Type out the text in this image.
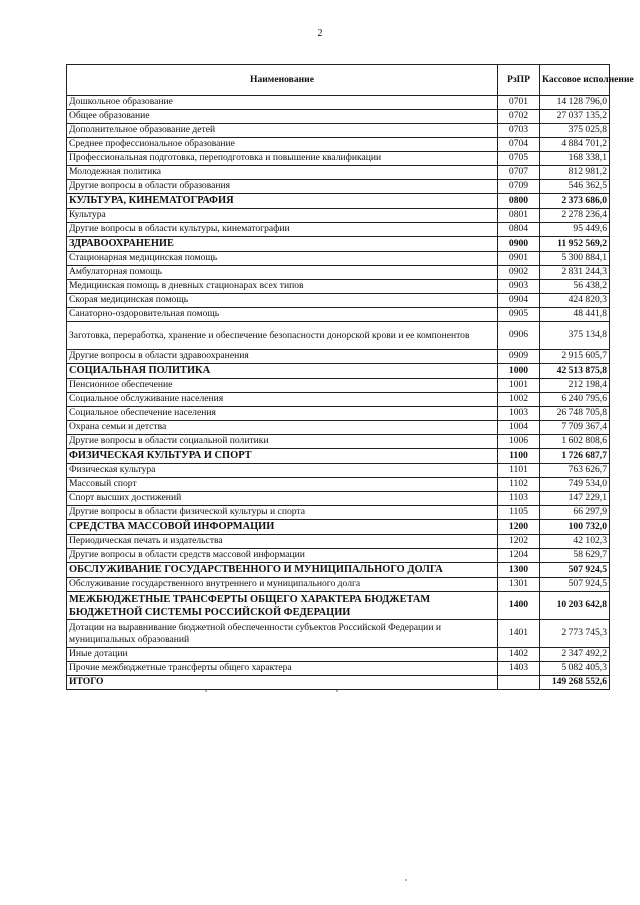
2
Наименование	РзПР	Кассовое исполнение
Дошкольное образование	0701	14 128 796,0
Общее образование	0702	27 037 135,2
Дополнительное образование детей	0703	375 025,8
Среднее профессиональное образование	0704	4 884 701,2
Профессиональная подготовка, переподготовка и повышение квалификации	0705	168 338,1
Молодежная политика	0707	812 981,2
Другие вопросы в области образования	0709	546 362,5
КУЛЬТУРА, КИНЕМАТОГРАФИЯ	0800	2 373 686,0
Культура	0801	2 278 236,4
Другие вопросы в области культуры, кинематографии	0804	95 449,6
ЗДРАВООХРАНЕНИЕ	0900	11 952 569,2
Стационарная медицинская помощь	0901	5 300 884,1
Амбулаторная помощь	0902	2 831 244,3
Медицинская помощь в дневных стационарах всех типов	0903	56 438,2
Скорая медицинская помощь	0904	424 820,3
Санаторно-оздоровительная помощь	0905	48 441,8
Заготовка, переработка, хранение и обеспечение безопасности донорской крови и ее компонентов	0906	375 134,8
Другие вопросы в области здравоохранения	0909	2 915 605,7
СОЦИАЛЬНАЯ ПОЛИТИКА	1000	42 513 875,8
Пенсионное обеспечение	1001	212 198,4
Социальное обслуживание населения	1002	6 240 795,6
Социальное обеспечение населения	1003	26 748 705,8
Охрана семьи и детства	1004	7 709 367,4
Другие вопросы в области социальной политики	1006	1 602 808,6
ФИЗИЧЕСКАЯ КУЛЬТУРА И СПОРТ	1100	1 726 687,7
Физическая культура	1101	763 626,7
Массовый спорт	1102	749 534,0
Спорт высших достижений	1103	147 229,1
Другие вопросы в области физической культуры и спорта	1105	66 297,9
СРЕДСТВА МАССОВОЙ ИНФОРМАЦИИ	1200	100 732,0
Периодическая печать и издательства	1202	42 102,3
Другие вопросы в области средств массовой информации	1204	58 629,7
ОБСЛУЖИВАНИЕ ГОСУДАРСТВЕННОГО И МУНИЦИПАЛЬНОГО ДОЛГА	1300	507 924,5
Обслуживание государственного внутреннего и муниципального долга	1301	507 924,5
МЕЖБЮДЖЕТНЫЕ ТРАНСФЕРТЫ ОБЩЕГО ХАРАКТЕРА БЮДЖЕТАМ БЮДЖЕТНОЙ СИСТЕМЫ РОССИЙСКОЙ ФЕДЕРАЦИИ	1400	10 203 642,8
Дотации на выравнивание бюджетной обеспеченности субъектов Российской Федерации и муниципальных образований	1401	2 773 745,3
Иные дотации	1402	2 347 492,2
Прочие межбюджетные трансферты общего характера	1403	5 082 405,3
ИТОГО		149 268 552,6
